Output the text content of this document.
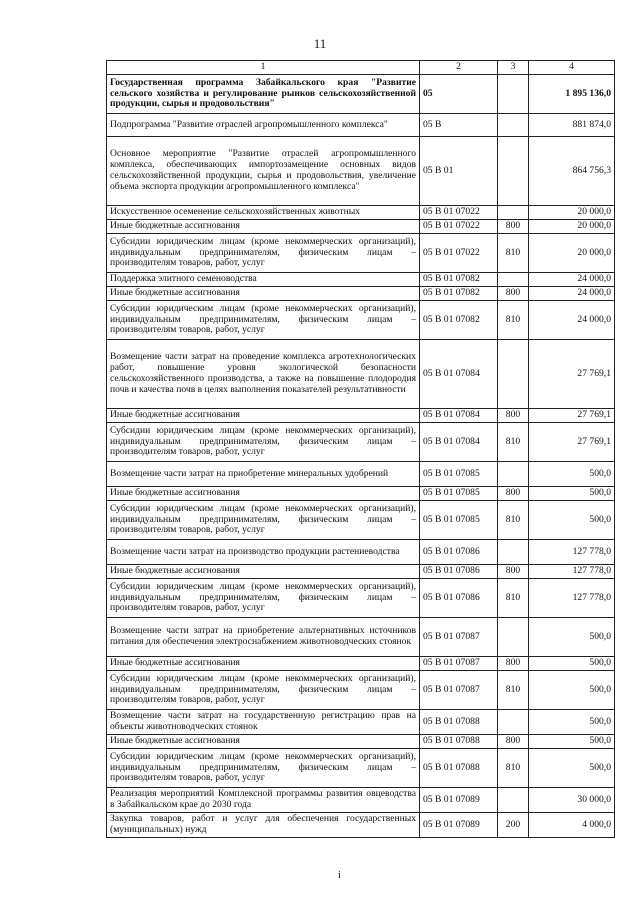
11
1	2	3	4
Государственная программа Забайкальского края "Развитие сельского хозяйства и регулирование рынков сельскохозяйственной продукции, сырья и продовольствия"	05		1 895 136,0
Подпрограмма "Развитие отраслей агропромышленного комплекса"	05 В		881 874,0
Основное мероприятие "Развитие отраслей агропромышленного комплекса, обеспечивающих импортозамещение основных видов сельскохозяйственной продукции, сырья и продовольствия, увеличение объема экспорта продукции агропромышленного комплекса"	05 В 01		864 756,3
Искусственное осеменение сельскохозяйственных животных	05 В 01 07022		20 000,0
Иные бюджетные ассигнования	05 В 01 07022	800	20 000,0
Субсидии юридическим лицам (кроме некоммерческих организаций), индивидуальным предпринимателям, физическим лицам – производителям товаров, работ, услуг	05 В 01 07022	810	20 000,0
Поддержка элитного семеноводства	05 В 01 07082		24 000,0
Иные бюджетные ассигнования	05 В 01 07082	800	24 000,0
Субсидии юридическим лицам (кроме некоммерческих организаций), индивидуальным предпринимателям, физическим лицам – производителям товаров, работ, услуг	05 В 01 07082	810	24 000,0
Возмещение части затрат на проведение комплекса агротехнологических работ, повышение уровня экологической безопасности сельскохозяйственного производства, а также на повышение плодородия почв и качества почв в целях выполнения показателей результативности	05 В 01 07084		27 769,1
Иные бюджетные ассигнования	05 В 01 07084	800	27 769,1
Субсидии юридическим лицам (кроме некоммерческих организаций), индивидуальным предпринимателям, физическим лицам – производителям товаров, работ, услуг	05 В 01 07084	810	27 769,1
Возмещение части затрат на приобретение минеральных удобрений	05 В 01 07085		500,0
Иные бюджетные ассигнования	05 В 01 07085	800	500,0
Субсидии юридическим лицам (кроме некоммерческих организаций), индивидуальным предпринимателям, физическим лицам – производителям товаров, работ, услуг	05 В 01 07085	810	500,0
Возмещение части затрат на производство продукции растениеводства	05 В 01 07086		127 778,0
Иные бюджетные ассигнования	05 В 01 07086	800	127 778,0
Субсидии юридическим лицам (кроме некоммерческих организаций), индивидуальным предпринимателям, физическим лицам – производителям товаров, работ, услуг	05 В 01 07086	810	127 778,0
Возмещение части затрат на приобретение альтернативных источников питания для обеспечения электроснабжением животноводческих стоянок	05 В 01 07087		500,0
Иные бюджетные ассигнования	05 В 01 07087	800	500,0
Субсидии юридическим лицам (кроме некоммерческих организаций), индивидуальным предпринимателям, физическим лицам – производителям товаров, работ, услуг	05 В 01 07087	810	500,0
Возмещение части затрат на государственную регистрацию прав на объекты животноводческих стоянок	05 В 01 07088		500,0
Иные бюджетные ассигнования	05 В 01 07088	800	500,0
Субсидии юридическим лицам (кроме некоммерческих организаций), индивидуальным предпринимателям, физическим лицам – производителям товаров, работ, услуг	05 В 01 07088	810	500,0
Реализация мероприятий Комплексной программы развития овцеводства в Забайкальском крае до 2030 года	05 В 01 07089		30 000,0
Закупка товаров, работ и услуг для обеспечения государственных (муниципальных) нужд	05 В 01 07089	200	4 000,0
i
